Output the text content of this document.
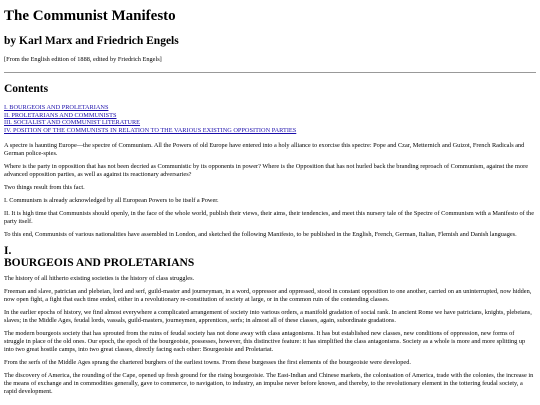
The Communist Manifesto
by Karl Marx and Friedrich Engels

[From the English edition of 1888, edited by Friedrich Engels]

Contents
I. BOURGEOIS AND PROLETARIANS
II. PROLETARIANS AND COMMUNISTS
III. SOCIALIST AND COMMUNIST LITERATURE
IV. POSITION OF THE COMMUNISTS IN RELATION TO THE VARIOUS EXISTING OPPOSITION PARTIES

A spectre is haunting Europe—the spectre of Communism. All the Powers of old Europe have entered into a holy alliance to exorcise this spectre: Pope and Czar, Metternich and Guizot, French Radicals and German police-spies.

Where is the party in opposition that has not been decried as Communistic by its opponents in power? Where is the Opposition that has not hurled back the branding reproach of Communism, against the more advanced opposition parties, as well as against its reactionary adversaries?

Two things result from this fact.

I. Communism is already acknowledged by all European Powers to be itself a Power.

II. It is high time that Communists should openly, in the face of the whole world, publish their views, their aims, their tendencies, and meet this nursery tale of the Spectre of Communism with a Manifesto of the party itself.

To this end, Communists of various nationalities have assembled in London, and sketched the following Manifesto, to be published in the English, French, German, Italian, Flemish and Danish languages.

I.
BOURGEOIS AND PROLETARIANS

The history of all hitherto existing societies is the history of class struggles.

Freeman and slave, patrician and plebeian, lord and serf, guild-master and journeyman, in a word, oppressor and oppressed, stood in constant opposition to one another, carried on an uninterrupted, now hidden, now open fight, a fight that each time ended, either in a revolutionary re-constitution of society at large, or in the common ruin of the contending classes.

In the earlier epochs of history, we find almost everywhere a complicated arrangement of society into various orders, a manifold gradation of social rank. In ancient Rome we have patricians, knights, plebeians, slaves; in the Middle Ages, feudal lords, vassals, guild-masters, journeymen, apprentices, serfs; in almost all of these classes, again, subordinate gradations.

The modern bourgeois society that has sprouted from the ruins of feudal society has not done away with class antagonisms. It has but established new classes, new conditions of oppression, new forms of struggle in place of the old ones. Our epoch, the epoch of the bourgeoisie, possesses, however, this distinctive feature: it has simplified the class antagonisms. Society as a whole is more and more splitting up into two great hostile camps, into two great classes, directly facing each other: Bourgeoisie and Proletariat.

From the serfs of the Middle Ages sprang the chartered burghers of the earliest towns. From these burgesses the first elements of the bourgeoisie were developed.

The discovery of America, the rounding of the Cape, opened up fresh ground for the rising bourgeoisie. The East-Indian and Chinese markets, the colonisation of America, trade with the colonies, the increase in the means of exchange and in commodities generally, gave to commerce, to navigation, to industry, an impulse never before known, and thereby, to the revolutionary element in the tottering feudal society, a rapid development.
